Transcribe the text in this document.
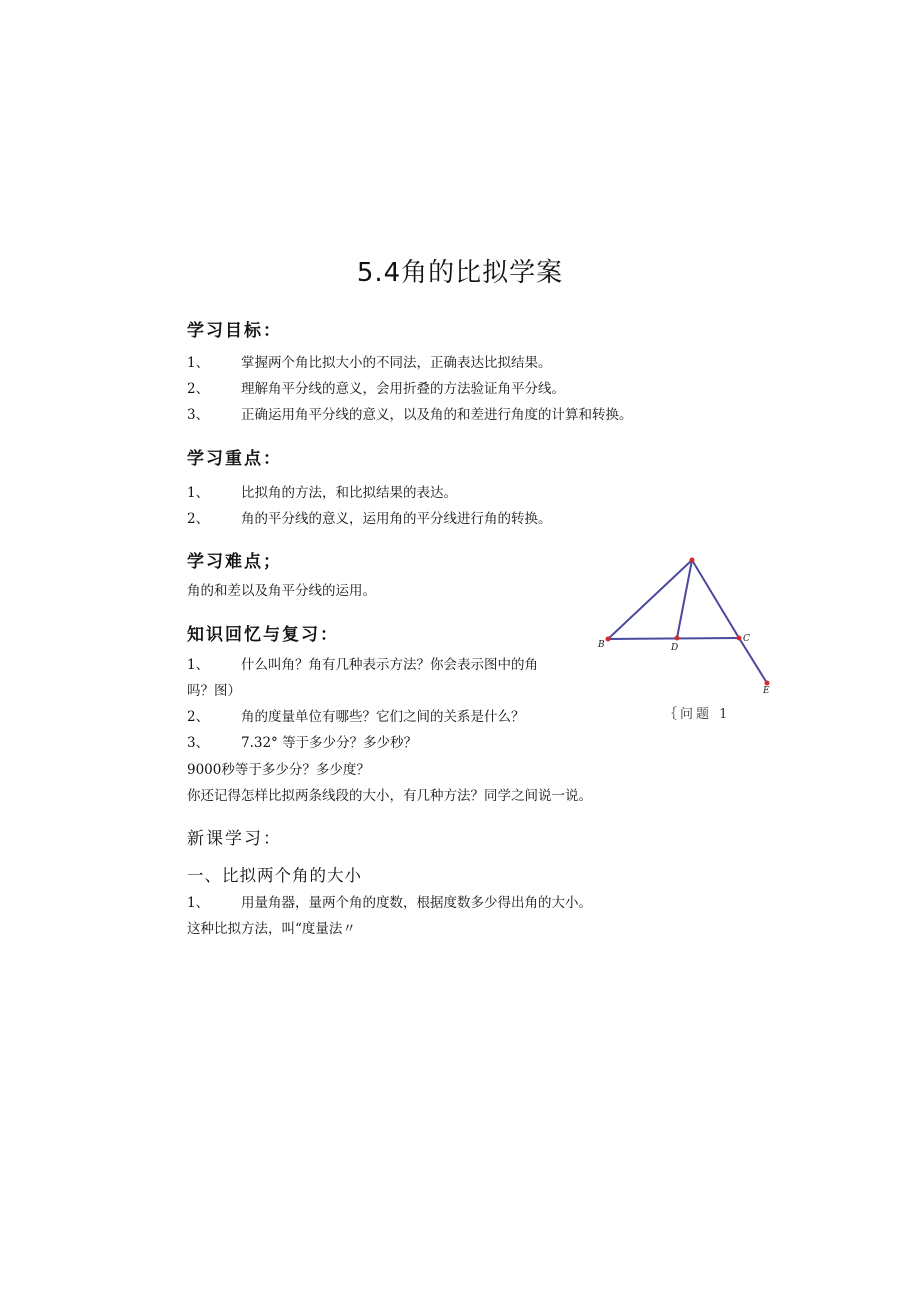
5.4角的比拟学案
学习目标：
1、 掌握两个角比拟大小的不同法，正确表达比拟结果。
2、 理解角平分线的意义，会用折叠的方法验证角平分线。
3、 正确运用角平分线的意义，以及角的和差进行角度的计算和转换。
学习重点：
1、 比拟角的方法，和比拟结果的表达。
2、 角的平分线的意义，运用角的平分线进行角的转换。
学习难点；
角的和差以及角平分线的运用。
知识回忆与复习：
1、 什么叫角？角有几种表示方法？你会表示图中的角
吗？图）
2、 角的度量单位有哪些？它们之间的关系是什么？
3、 7.32° 等于多少分？多少秒？
9000秒等于多少分？多少度？
你还记得怎样比拟两条线段的大小，有几种方法？同学之间说一说。
新课学习：
一、比拟两个角的大小
1、 用量角器，量两个角的度数，根据度数多少得出角的大小。
这种比拟方法，叫“度量法〃
B	D
C
E
｛问题 1
